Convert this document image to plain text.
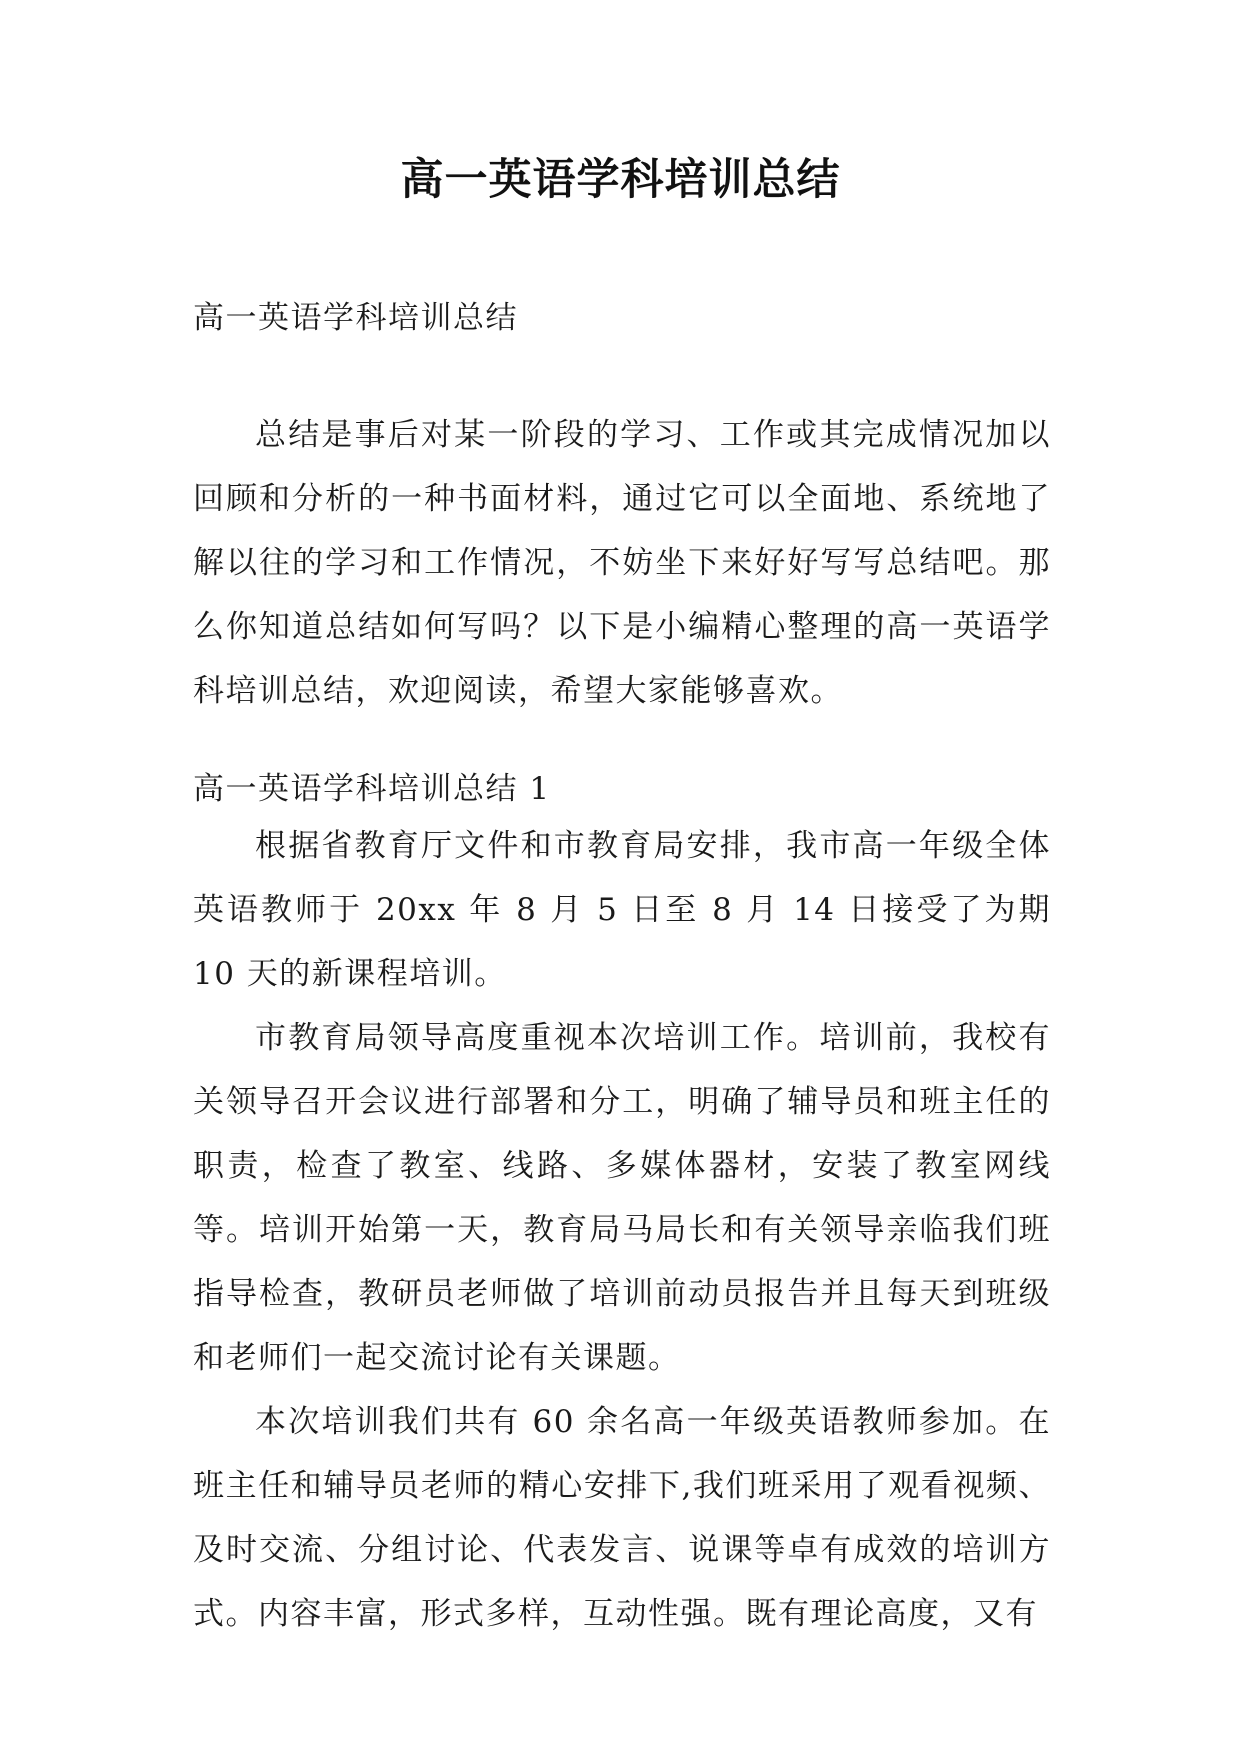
高一英语学科培训总结

高一英语学科培训总结

总结是事后对某一阶段的学习、工作或其完成情况加以回顾和分析的一种书面材料，通过它可以全面地、系统地了解以往的学习和工作情况，不妨坐下来好好写写总结吧。那么你知道总结如何写吗？以下是小编精心整理的高一英语学科培训总结，欢迎阅读，希望大家能够喜欢。

高一英语学科培训总结 1

根据省教育厅文件和市教育局安排，我市高一年级全体英语教师于 20xx 年 8 月 5 日至 8 月 14 日接受了为期 10 天的新课程培训。

市教育局领导高度重视本次培训工作。培训前，我校有关领导召开会议进行部署和分工，明确了辅导员和班主任的职责，检查了教室、线路、多媒体器材，安装了教室网线等。培训开始第一天，教育局马局长和有关领导亲临我们班指导检查，教研员老师做了培训前动员报告并且每天到班级和老师们一起交流讨论有关课题。

本次培训我们共有 60 余名高一年级英语教师参加。在班主任和辅导员老师的精心安排下,我们班采用了观看视频、及时交流、分组讨论、代表发言、说课等卓有成效的培训方式。内容丰富，形式多样，互动性强。既有理论高度，又有
